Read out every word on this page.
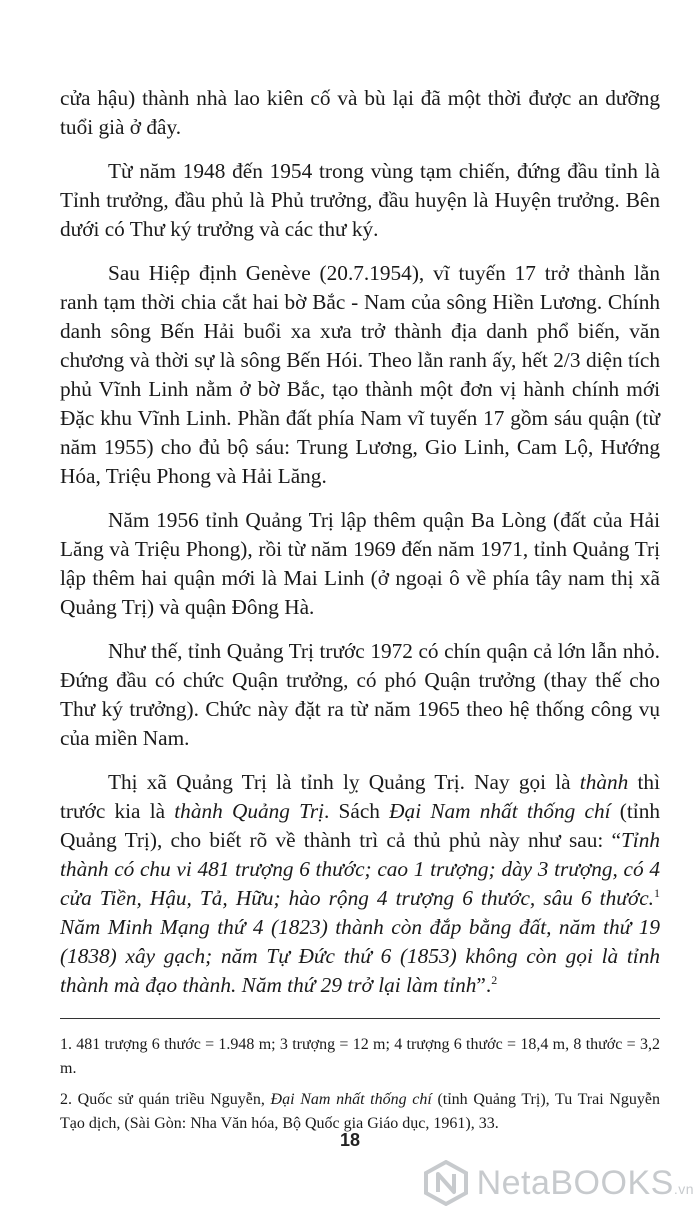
cửa hậu) thành nhà lao kiên cố và bù lại đã một thời được an dưỡng tuổi già ở đây.

Từ năm 1948 đến 1954 trong vùng tạm chiến, đứng đầu tỉnh là Tỉnh trưởng, đầu phủ là Phủ trưởng, đầu huyện là Huyện trưởng. Bên dưới có Thư ký trưởng và các thư ký.

Sau Hiệp định Genève (20.7.1954), vĩ tuyến 17 trở thành lằn ranh tạm thời chia cắt hai bờ Bắc - Nam của sông Hiền Lương. Chính danh sông Bến Hải buổi xa xưa trở thành địa danh phổ biến, văn chương và thời sự là sông Bến Hói. Theo lằn ranh ấy, hết 2/3 diện tích phủ Vĩnh Linh nằm ở bờ Bắc, tạo thành một đơn vị hành chính mới Đặc khu Vĩnh Linh. Phần đất phía Nam vĩ tuyến 17 gồm sáu quận (từ năm 1955) cho đủ bộ sáu: Trung Lương, Gio Linh, Cam Lộ, Hướng Hóa, Triệu Phong và Hải Lăng.

Năm 1956 tỉnh Quảng Trị lập thêm quận Ba Lòng (đất của Hải Lăng và Triệu Phong), rồi từ năm 1969 đến năm 1971, tỉnh Quảng Trị lập thêm hai quận mới là Mai Linh (ở ngoại ô về phía tây nam thị xã Quảng Trị) và quận Đông Hà.

Như thế, tỉnh Quảng Trị trước 1972 có chín quận cả lớn lẫn nhỏ. Đứng đầu có chức Quận trưởng, có phó Quận trưởng (thay thế cho Thư ký trưởng). Chức này đặt ra từ năm 1965 theo hệ thống công vụ của miền Nam.

Thị xã Quảng Trị là tỉnh lỵ Quảng Trị. Nay gọi là thành thì trước kia là thành Quảng Trị. Sách Đại Nam nhất thống chí (tỉnh Quảng Trị), cho biết rõ về thành trì cả thủ phủ này như sau: “Tỉnh thành có chu vi 481 trượng 6 thước; cao 1 trượng; dày 3 trượng, có 4 cửa Tiền, Hậu, Tả, Hữu; hào rộng 4 trượng 6 thước, sâu 6 thước.$^1$ Năm Minh Mạng thứ 4 (1823) thành còn đắp bằng đất, năm thứ 19 (1838) xây gạch; năm Tự Đức thứ 6 (1853) không còn gọi là tỉnh thành mà đạo thành. Năm thứ 29 trở lại làm tỉnh”.$^2$

1. 481 trượng 6 thước = 1.948 m; 3 trượng = 12 m; 4 trượng 6 thước = 18,4 m, 8 thước = 3,2 m.

2. Quốc sử quán triều Nguyễn, Đại Nam nhất thống chí (tỉnh Quảng Trị), Tu Trai Nguyễn Tạo dịch, (Sài Gòn: Nha Văn hóa, Bộ Quốc gia Giáo dục, 1961), 33.

18
NetaBOOKS.vn
